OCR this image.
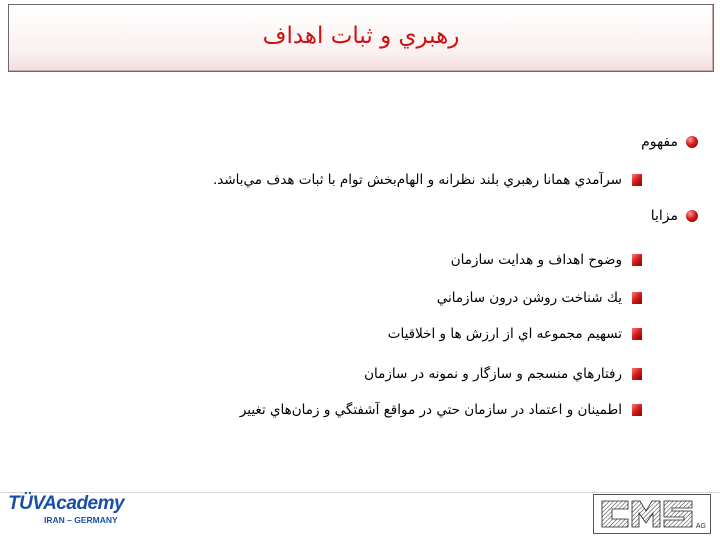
رهبري و ثبات اهداف
مفهوم
سرآمدي همانا رهبري بلند نظرانه و الهام‌بخش توام با ثبات هدف مي‌باشد.
مزايا
وضوح اهداف و هدايت سازمان
يك شناخت روشن درون سازماني
تسهيم مجموعه اي از ارزش ها و اخلاقيات
رفتارهاي منسجم و سازگار و نمونه در سازمان
اطمينان و اعتماد در سازمان حتي در مواقع آشفتگي و زمان‌هاي تغيير
TÜVAcademy
IRAN – GERMANY
AG
